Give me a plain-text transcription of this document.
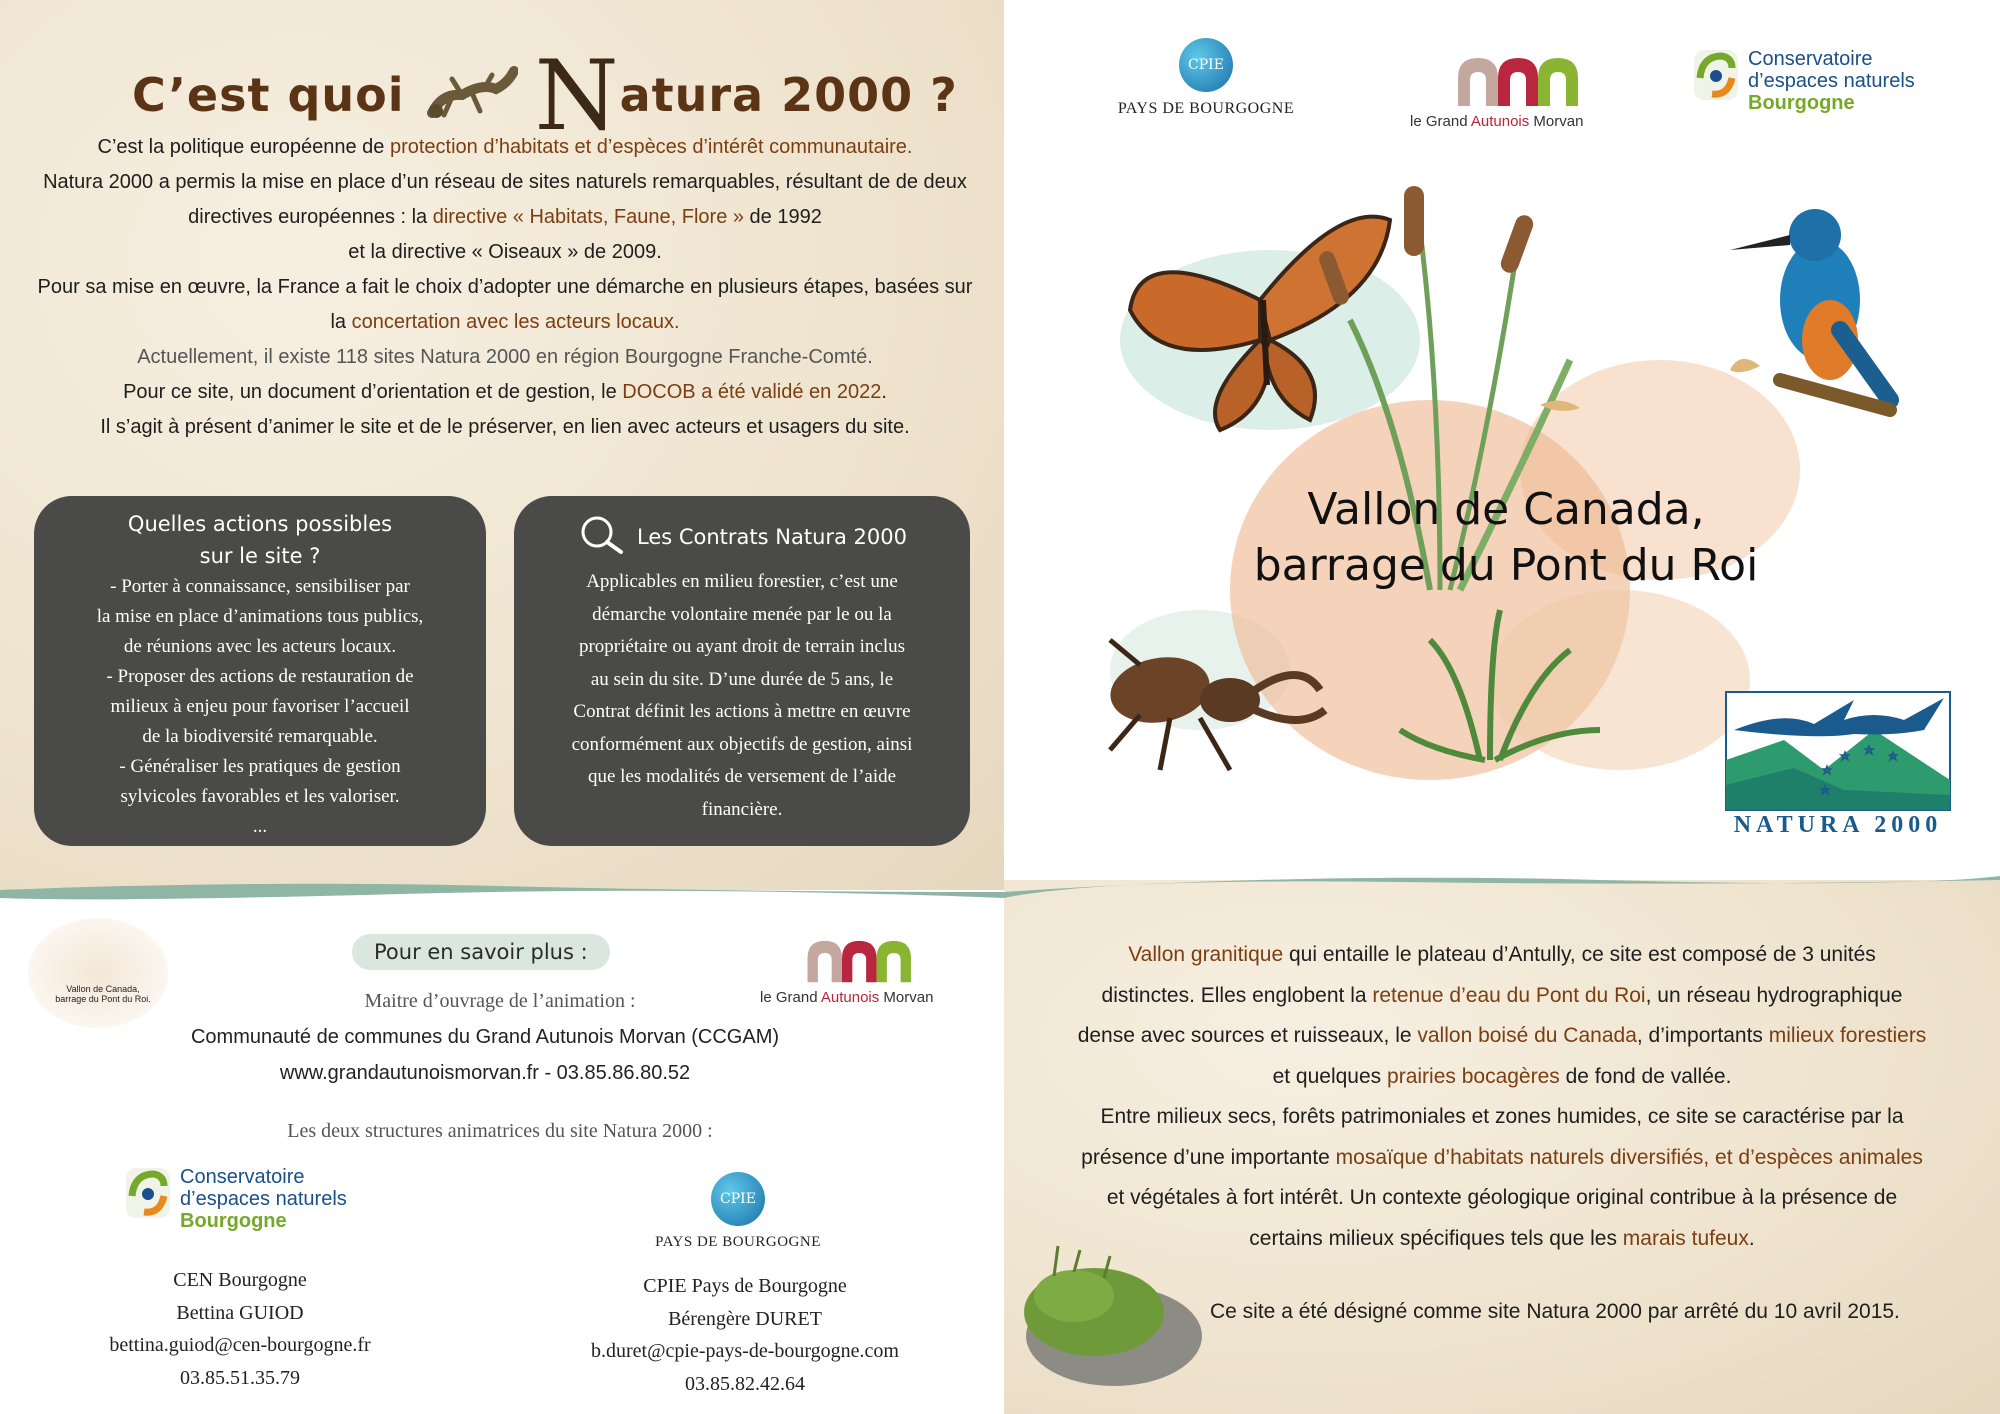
C’est quoi Natura 2000 ?
C’est la politique européenne de protection d’habitats et d’espèces d’intérêt communautaire.
Natura 2000 a permis la mise en place d’un réseau de sites naturels remarquables, résultant de de deux
directives européennes : la directive « Habitats, Faune, Flore » de 1992
et la directive « Oiseaux » de 2009.
Pour sa mise en œuvre, la France a fait le choix d’adopter une démarche en plusieurs étapes, basées sur
la concertation avec les acteurs locaux.
Actuellement, il existe 118 sites Natura 2000 en région Bourgogne Franche-Comté.
Pour ce site, un document d’orientation et de gestion, le DOCOB a été validé en 2022.
Il s’agit à présent d’animer le site et de le préserver, en lien avec acteurs et usagers du site.
Quelles actions possibles
sur le site ?
- Porter à connaissance, sensibiliser par
la mise en place d’animations tous publics,
de réunions avec les acteurs locaux.
- Proposer des actions de restauration de
milieux à enjeu pour favoriser l’accueil
de la biodiversité remarquable.
- Généraliser les pratiques de gestion
sylvicoles favorables et les valoriser.
...
Les Contrats Natura 2000
Applicables en milieu forestier, c’est une
démarche volontaire menée par le ou la
propriétaire ou ayant droit de terrain inclus
au sein du site. D’une durée de 5 ans, le
Contrat définit les actions à mettre en œuvre
conformément aux objectifs de gestion, ainsi
que les modalités de versement de l’aide
financière.
CPIE
PAYS DE BOURGOGNE
le Grand Autunois Morvan
Conservatoire
d’espaces naturels
Bourgogne
Vallon de Canada,
barrage du Pont du Roi
NATURA 2000
Vallon de Canada,
barrage du Pont du Roi.
Pour en savoir plus :
Maitre d’ouvrage de l’animation :
Communauté de communes du Grand Autunois Morvan (CCGAM)
www.grandautunoismorvan.fr - 03.85.86.80.52
Les deux structures animatrices du site Natura 2000 :
le Grand Autunois Morvan
Conservatoire
d’espaces naturels
Bourgogne
CPIE
PAYS DE BOURGOGNE
CEN Bourgogne
Bettina GUIOD
bettina.guiod@cen-bourgogne.fr
03.85.51.35.79
CPIE Pays de Bourgogne
Bérengère DURET
b.duret@cpie-pays-de-bourgogne.com
03.85.82.42.64
Vallon granitique qui entaille le plateau d’Antully, ce site est composé de 3 unités
distinctes. Elles englobent la retenue d’eau du Pont du Roi, un réseau hydrographique
dense avec sources et ruisseaux, le vallon boisé du Canada, d’importants milieux forestiers
et quelques prairies bocagères de fond de vallée.
Entre milieux secs, forêts patrimoniales et zones humides, ce site se caractérise par la
présence d’une importante mosaïque d’habitats naturels diversifiés, et d’espèces animales
et végétales à fort intérêt. Un contexte géologique original contribue à la présence de
certains milieux spécifiques tels que les marais tufeux.
Ce site a été désigné comme site Natura 2000 par arrêté du 10 avril 2015.
